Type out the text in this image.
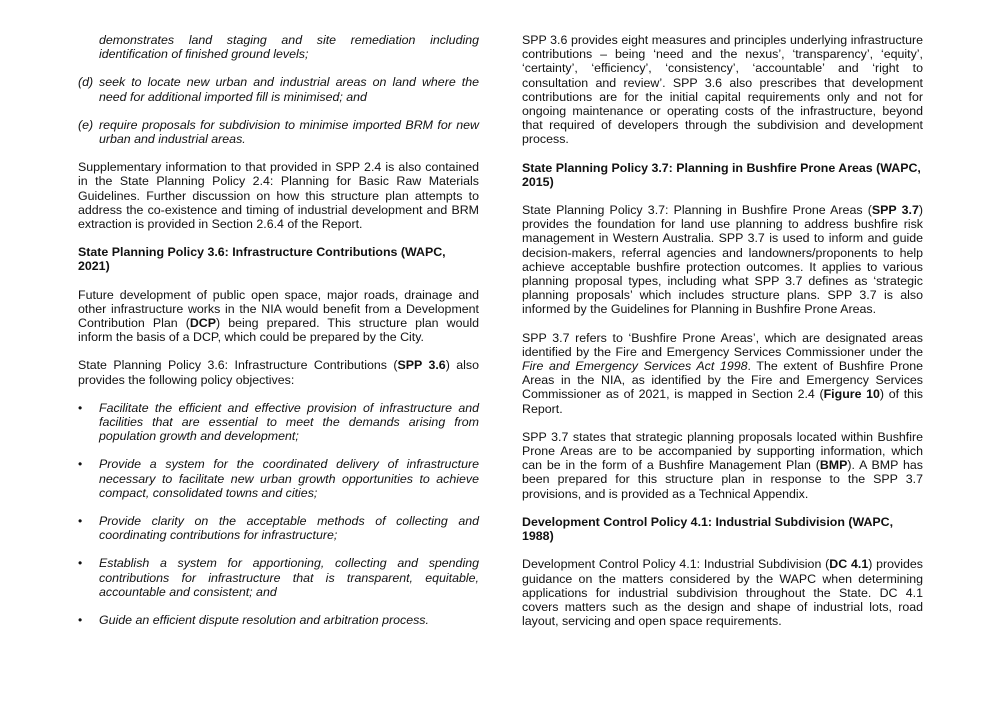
demonstrates land staging and site remediation including identification of finished ground levels;

(d) seek to locate new urban and industrial areas on land where the need for additional imported fill is minimised; and

(e) require proposals for subdivision to minimise imported BRM for new urban and industrial areas.

Supplementary information to that provided in SPP 2.4 is also contained in the State Planning Policy 2.4: Planning for Basic Raw Materials Guidelines. Further discussion on how this structure plan attempts to address the co-existence and timing of industrial development and BRM extraction is provided in Section 2.6.4 of the Report.

State Planning Policy 3.6: Infrastructure Contributions (WAPC, 2021)

Future development of public open space, major roads, drainage and other infrastructure works in the NIA would benefit from a Development Contribution Plan (DCP) being prepared. This structure plan would inform the basis of a DCP, which could be prepared by the City.

State Planning Policy 3.6: Infrastructure Contributions (SPP 3.6) also provides the following policy objectives:

• Facilitate the efficient and effective provision of infrastructure and facilities that are essential to meet the demands arising from population growth and development;

• Provide a system for the coordinated delivery of infrastructure necessary to facilitate new urban growth opportunities to achieve compact, consolidated towns and cities;

• Provide clarity on the acceptable methods of collecting and coordinating contributions for infrastructure;

• Establish a system for apportioning, collecting and spending contributions for infrastructure that is transparent, equitable, accountable and consistent; and

• Guide an efficient dispute resolution and arbitration process.

SPP 3.6 provides eight measures and principles underlying infrastructure contributions – being ‘need and the nexus’, ‘transparency’, ‘equity’, ‘certainty’, ‘efficiency’, ‘consistency’, ‘accountable’ and ‘right to consultation and review’. SPP 3.6 also prescribes that development contributions are for the initial capital requirements only and not for ongoing maintenance or operating costs of the infrastructure, beyond that required of developers through the subdivision and development process.

State Planning Policy 3.7: Planning in Bushfire Prone Areas (WAPC, 2015)

State Planning Policy 3.7: Planning in Bushfire Prone Areas (SPP 3.7) provides the foundation for land use planning to address bushfire risk management in Western Australia. SPP 3.7 is used to inform and guide decision-makers, referral agencies and landowners/proponents to help achieve acceptable bushfire protection outcomes. It applies to various planning proposal types, including what SPP 3.7 defines as ‘strategic planning proposals’ which includes structure plans. SPP 3.7 is also informed by the Guidelines for Planning in Bushfire Prone Areas.

SPP 3.7 refers to ‘Bushfire Prone Areas’, which are designated areas identified by the Fire and Emergency Services Commissioner under the Fire and Emergency Services Act 1998. The extent of Bushfire Prone Areas in the NIA, as identified by the Fire and Emergency Services Commissioner as of 2021, is mapped in Section 2.4 (Figure 10) of this Report.

SPP 3.7 states that strategic planning proposals located within Bushfire Prone Areas are to be accompanied by supporting information, which can be in the form of a Bushfire Management Plan (BMP). A BMP has been prepared for this structure plan in response to the SPP 3.7 provisions, and is provided as a Technical Appendix.

Development Control Policy 4.1: Industrial Subdivision (WAPC, 1988)

Development Control Policy 4.1: Industrial Subdivision (DC 4.1) provides guidance on the matters considered by the WAPC when determining applications for industrial subdivision throughout the State. DC 4.1 covers matters such as the design and shape of industrial lots, road layout, servicing and open space requirements.
